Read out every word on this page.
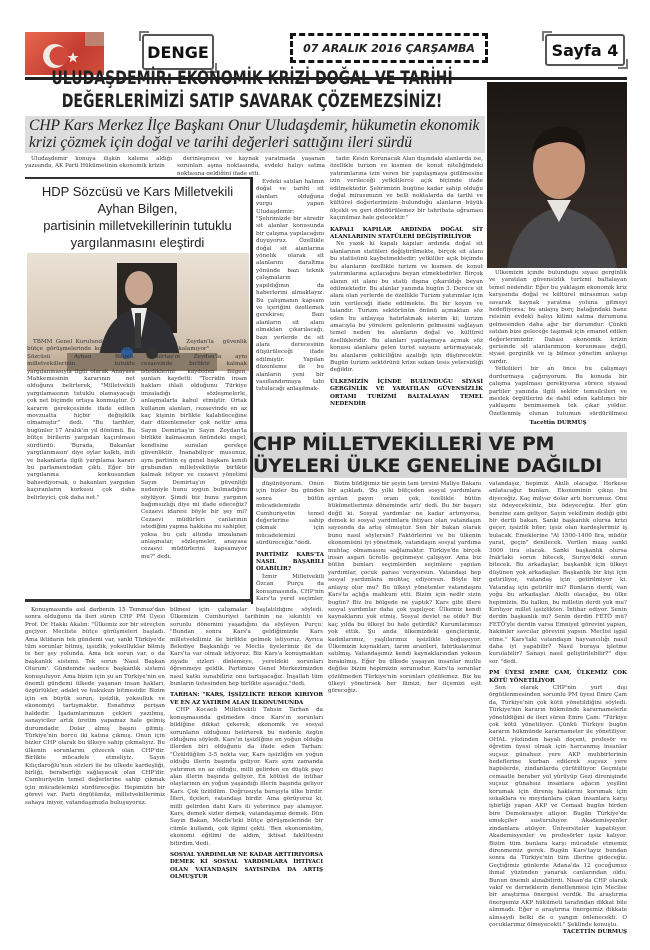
DENGE	07 ARALIK 2016 ÇARŞAMBA	Sayfa 4
ULUDAŞDEMİR: EKONOMİK KRİZİ DOĞAL VE TARİHİ
DEĞERLERİMİZİ SATIP SAVARAK ÇÖZEMEZSİNİZ!
CHP Kars Merkez İlçe Başkanı Onur Uludaşdemir, hükumetin ekonomik krizi çözmek için doğal ve tarihi değerleri sattığını ileri sürdü

Uludaşdemir konuya ilişkin kaleme aldığı yazısında, AK Parti Hükümetinin ekonomik krizin

derinleşmesi ve kaynak yaratmada yaşanan sorunları aşma noktasında, evdeki halıyı satma noktasına geldiğini ifade etti.

Evdeki satılan halının doğal ve tarihi sit alanları olduğuna vurgu yapan Uludaşdemir: "Şehrimizde bir süredir sit alanlar konusunda bir çalışma yapılacağını duyuyoruz. Özellikle doğal sit alanlarına yönelik olarak sit alanlarını daraltma yönünde bazı teknik çalışmaların yapıldığının da haberlerini almaktayız. Bu çalışmanın kapsam ve içeriğini özetlemek gerekirse; Bazı alanların sit alanı olmaktan çıkarılacağı, bazı yerlerde de sit alanı derecesinin düşürüleceği ifade edilmiştir. Yapılan düzenleme ile bu alanların yeni bir vasıflandırmaya tabi tutulacağı anlaşılmak-

tadır. Kesin Korunacak Alan dışındaki alanlarda ise, özellikle turizm ve kısmen de konut niteliğindeki yatırımlarına izin veren bir yapılaşmaya gidilmesine izin verileceği yetkililerce açık biçimde ifade edilmektedir. Şehrimizin bugüne kadar sahip olduğu doğal mirasımızın ve belli noktalarda da tarihi ve kültürel değerlerimizin bulunduğu alanların büyük ölçekli ve geri döndürülemez bir tahribata uğraması kaçınılmaz hale gelecektir."

KAPALI KAPILAR ARDINDA DOĞAL SİT ALANLARININ STATÜLERİ DEĞİŞTİRİLİYOR

Ne yazık ki kapalı kapılar ardında doğal sit alanlarının statüleri değiştirilmekte, birçok sit alanı bu statüsünü kaybetmektedir; yetkililer açık biçimde bu alanların özellikle turizm ve kısmen de konut yatırımlarına açılacağını beyan etmektedirler. Birçok alanın sit alanı bu statü dışına çıkarıldığı beyan edilmektedir. Bu alanlar yanında bugün 3. Derece sit alanı olan yerlerde de özellikle Turizm yatırımlar için izin verileceği ifade edilmekte. Bu bir koyım ve talandır. Turizm sektörünün önünü açmaktan söz eden bu anlayışa hatırlatmak isterim ki; turizm amacıyla bu yörelere gelenlerin gelmesini sağlayan temel neden bu alanların doğal ve kültürel özellikleridir. Bu alanları yapılaşmaya açmak söz konusu alanlara gelen turist sayısını artırmayacak, bu alanların çekiciliğini azaltığı için düşürecektir. Bugün turizm sektörünü krize sokan tesis yetersizliği değildir.

ÜLKEMİZİN İÇİNDE BULUNDUĞU SİYASİ GERGİNLİK VE YARATILAN GÜVENSİZLİK ORTAMI TURİZMİ BALTALAYAN TEMEL NEDENDİR

Ülkemizin içinde bulunduğu siyasi gerginlik ve yaratılan güvensizlik turizmi baltalayan temel nedendir. Eğer bu yaklaşım ekonomik kriz karşısında doğal ve kültürel mirasımızı satıp savarak kaynak yaratma yoluna gitmeyi hedefliyorsa; bu anlayış borç batağındaki hane reisinin evdeki halıyı kilimi satma durumuna gelmesinden daha ağır bir durumdur. Çünkü satılan bize geleceğe taşımak için emanet edilen değerlerimizdir. Dahası ekonomik krizin gerisinde sit alanlarımızın korunması değil, siyasi gerginlik ve iş bilmez yönetim anlayışı vardır.

Yetkilileri bir an önce bu çalışmayı durdurmaya çağırıyorum. Bu konuda bir çalışma yapılması gerekiyorsa sürece siyasal partiler yanında ilgili sektör temsilcileri ve meslek örgütlerini de dahil eden katılımcı bir yaklaşımı benimsemek tek çıkar yoldur. Özetlenmiş olunan tutumun sürdürülmesi

Tacettin DURMUŞ
HDP Sözcüsü ve Kars Milletvekili Ayhan Bilgen,
partisinin milletvekillerinin tutuklu yargılanmasını eleştirdi

TBMM Genel Kurulunda 2017 yılı bütçe görüşmelerinde konuşan HDP Sözcüsü Ayhan Bilgen, milletvekillerinin tutuklu yargılanmasıyla ilgili olarak Anayasa Mahkemesinin kararının net olduğunu belirterek, "Milletvekili yargılamasının tutuklu olamayacağı çok net biçimde ortaya konmuştur. O kararın gerekçesinde ifade edilen movzuatta hiçbir değişiklik olmamıştır" dedi. "Bu tarihler, bugünler 17 Aralık'ın yıl dönümü. Bu bütçe birilerin yargıdan kaçırılması sürdürdü: 'Burada, Bakanlar yargılanmasın' diye oylar kalktı, indi ve bakanlarla ilgili yargılama kararı bu parlamentodan çıktı. Eğer bir yargılanma korkusundan bahsediyorsak, o bakanları yargıdan kaçıranların korkusu çok daha belirleyici, çok daha net."

"Demirtaş, Zeydan'la güvenlik gerekçesiyle kalamıyor"

Demirtaş'ın Zeydan'la aynı cezaevinde birlikte kalmak istediklerini kaydeden Bilgen, şunları kaydetti: "Tecridin insan hakları ihlali olduğunu Türkiye imzaladığı sözleşmelerle, anlaşmalarla kabul etmiştir. Ortak kullanım alanları, cezaevinde en az kaç kişinin birlikte kalabileceğine dair düzenlemeler çok nettir ama Sayın Demirtaş'ın Sayın Zeydan'la birlikte kalmasının önündeki engel, kendisine sunulan gerekçe güvenliktir. İnanabiliyor musunuz, aynı partinin eş genel başkanı kendi grubundan milletvekiliyle birlikte kalmak istiyor ve cezaevi yönetimi Sayın Demirtaş'ın güvenliği nedeniyle bunu uygun bulmadığını söylüyor. Şimdi biz bunu yargının bağımsızlığı diye mi ifade edeceğiz? Cezaevi idaresi böyle bir şey mi? Cezaevi müdürleri canlarının istediğini yapma hakkına mı sahipler, yoksa bu çatı altında imzalanan anlaşmalar, sözleşmeler, anayasa cezaevi müdürlerini kapsamıyor mu?" dedi.

CHP MİLLETVEKİLLERİ VE PM ÜYELERİ ÜLKE GENELİNE DAĞILDI

düşünüyorum. Onun için bizler bu günden sonra bütün mücadelemizde Cumhuriyetin temel değerlerine sahip çıkmak için mücadelemizi sürdüreceğiz."dedi.

PARTİMİZ KARS'TA NASIL BAŞARILI OLABİLİR?

İzmir Milletvekili Özcan Purçu da konuşmasında, CHP'nin Kars'ta yerel seçimler,

Konuşmasında asıl darbenin 15 Temmuz'dan sonra olduğunu da ileri süren CHP PM Üyesi Prof. Dr. Hakkı Akalın: "Ülkemiz zor bir süreçten geçiyor. Mecliste bütçe görüşmeleri başladı. Ama iktidarın tek gündemi var, sanki Türkiye'de tüm sorunlar bitmiş, işsizlik, yoksulluklar bitmiş te her şey yolunda. Ama tek sorun var, o da başkanlık sistemi. Tek sorun 'Nasıl Başkan Olurum'. Gündemde sadece başkanlık sistemi konuşuluyor. Ama bizim için şu an Türkiye'nin en önemli gündemi ülkede yaşanan insan hakları, özgürlükler, adalet ve hukukun bitmesidir. Bizim için en büyük sorun, işsizlik, yoksulluk ve ekonomiyi tartışmaktır. Esnafımız perişan haldedir. İşadamlarımızın çekleri yazılmış, sanayiciler artık üretim yapamaz hale gelmiş durumdadır. Dolar almış başını gitmiş. Türkiye'nin borcu iki katına çıkmış. Onun için bizler CHP olarak bu ülkeye sahip çıkmalıyız. Bu ülkenin sorunlarını çözecek olan CHP'dir. Birlikte mücadele etmeliyiz. Sayın Kılıçdaroğlu'nun sözleri ile bu ülkede kardeşliği, birliği, beraberliği sağlayacak olan CHP'dir. Cumhuriyetin temel değerlerine sahip çıkmak için mücadelemizi sürdüreceğiz. Hepimizin bir görevi var. Parti örgütümüz, milletvekillerimiz sahaya iniyor, vatandaşımızla buluşuyoruz.

bilmesi için çalışmalar başlatıldığını söyledi. Ülkemizin Cumhuriyet tarihinin ne sıkıntılı ve sorunlu dönemini yaşadığını da söyleyen Purçu: "Bundan sonra Kars'a geldiğimizde Kars milletvekilimiz ile birlikte gelmek istiyoruz. Ayrıca Belediye Başkanlığı ve Meclis üyelerimiz ile de Kars'ta var olmak istiyoruz. Biz Kars'a konuşmaktan ziyade sizleri dinlemeye, yereldeki sorunları öğrenmeye geldik. Partimize Genel Merkezimizden nasıl katkı sunabiliriz onu tartışacağız. İnşallah tüm bunların üstesinden hep birlikte aşacağız."dedi.

TARHAN: "KARS, İŞSİZLİKTE REKOR KIRIYOR VE EN AZ YATIRIM ALAN İLKONUMUNDA

CHP Kocaeli Milletvekili Tahsin Tarhan da konuşmasında gelmeden önce Kars'ın sorunları bildiğine dikkat çekerek, ekonomik ve sosyal sorunların olduğunu belirterek bu nedenle özgün olduğunu söyledi. Kars'ın işsizliğine en yoğun olduğu illerden biri olduğunu da ifade eden Tarhan: "Üzüldüğüm 3-5 nokta var, Kars işsizliğin en yoğun olduğu illerin başında geliyor. Kars aynı zamanda yatırımın en az olduğu, milli gelirden en düşük payı alan illerin başında geliyor. En kötüsü de intihar olaylarının en yoğun yaşandığı illerin başında geliyor Kars. Çok üzüldüm. Doğrusuyla barışıyla ülke birdir. İlleri, ilçeleri, vatandaşı birdir. Ama görüyoruz ki, milli gelirden dahi Kars ili yeterince pay alamıyor. Kars, demek sizler demek, vatandaşımız demek. Dün Sayın Bakan, Meclis'teki bütçe görüşmelerinde bir cümle kullandı, çok ilgimi çekti. 'Ben ekonomistim, ekonomi eğitimi de aldım, iktisat fakültesini bitirdim.'dedi.

SOSYAL YARDIMLAR NE KADAR ARTTIRIYORSA DEMEK Kİ SOSYAL YARDIMLARA İHTİYACI OLAN VATANDAŞIN SAYISINDA DA ARTIŞ OLMUŞTUR

Bizim bildiğimiz bir şeyin tam tersini Maliye Bakanı bir açıkladı. 'Bu yılki bütçeden sosyal yardımlara ayrılan payın oranı çok, özellikle bütün hükümetlerimiz döneminde artı' dedi. Bu bir başarı değil ki. Sosyal yardımlar ne kadar artırıyorsa, demek ki sosyal yardımlara ihtiyacı olan vatandaşın sayısında da artış olmuştur. Sen bir bakan olarak bunu nasıl söylersin? Faktörlerini ve bu ülkenin ekonomisini iyi yönetmek, vatandaşın sosyal yardıma muhtaç olmamasını sağlamaktır. Türkiye'de birçok insan asgari ücretle geçinmeye çalışıyor. Ama biz bütün bunları seçimlerden seçimlere yapılan yardımlar, çocuk parası veriyorsun. Vatandaşı hep sosyal yardımlara muhtaç ediyorsun. Böyle bir anlayış olur mu? Bu ülkeyi yönetenler vatandaşını Kars'ta açlığa mahkum etti. Bizim için nedir sizin bugün? Biz bu bölgede ne yaptık? Kars gibi illere sosyal yardımlar daha çok yapılıyor. Ülkemiz kendi kaynaklarını yok etmiş. Sosyal devlet ne oldu? Biz kaç yılda bu ülkeyi bu hale getirdik? Kurumlarımızı yok ettik. Şu anda ülkemizdeki gençlerimiz, kadınlarımız, yaşlılarımız işsizlikle boğuşuyor. Ülkemizin kaynakları, tarım arazileri, fabrikalarımız satılmış. Vatandaşımız kendi kaynaklarından yoksun bırakılmış. Eğer bu ülkede yaşayan insanlar mutlu değilse bizim hepimizin sorunudur. Kars'ta sorunlar çözülmeden Türkiye'nin sorunları çözülemez. Biz bu ülkeyi yönetirsek her ilimizi, her ilçemizi eşit göreceğiz.

vatandaşız, hepimiz. Akıllı olacağız. Herkese anlatacağız bunları. Ekonominin çıkışı bu diyeceğiz. Kaç milyar dolar artı borcumuz. Onu siz ödeyeceksiniz, biz ödeyeceğiz. Her gün benzine zam geliyor. Sayın vekilimin dediği gibi bir dertli bakan. Sanki başkanlık olursa krizi geçer, işsizlik biter, işsiz olan kardeşlerimiz iş bulacak. Emeklerine "Al 1500-1400 lira, müdür yarat, geçin" denilecek. Verilen maaş sanki 3000 lira olacak. Sanki başkanlık olursa Irak'taki sorun bitecek, Suriye'deki sorun bitecek. Bu arkadaşlar, başkanlık için ülkeyi düşünen yok arkadaşlar. Başkanlık bir kişi için getiriliyor, vatandaş için getirilmiyor ki. Vatandaş için getirilir mi? Bunların derdi, van yoğu bu arkadaşlar. Akıllı olacağız, bu ülke hepimizin. Bu halkın, bu milletin derdi yok mu? Kırılıyor millet işsizlikten. İntihar ediyor. Senin derdin başkanlık mı? Senin derdin FETÖ mü? FETÖ'yle derdin varsa Emniyet görevini yapsın, hakimler savcılar görevini yapsın. Meclisi işgal etme." Kars'taki vatandaşın hayvancılığı nasıl daha iyi yapabilir? Nasıl buraya işletme kurulabilir? Sanayi nasıl geliştirilebilir?" diye sor. "dedi.

PM ÜYESİ EMRE ÇAM, ÜLKEMİZ ÇOK KÖTÜ YÖNETİLİYOR

Son olarak CHP'nin yurt dışı örgütlenmesinden sorumlu PM üyesi Emre Çam da, Türkiye'nin çok kötü yönetildiğini söyledi. Türkiye'nin kararın hükmünde kararnamelerle yönetildiğini de ileri süren Emre Çam: "Türkiye çok kötü yönetiliyor. Çünkü Türkiye bugün kararın hükmünde kararnameler ile yönetiliyor. OHAL yüzünden hayalı doçent, profesör ve öğretim üyesi olmak için harcanmış insanlar suçsuz günahsız yere AKP muhbirlerinin hedeflerine kurban edilerek suçsuz yere hapislerde, zindanlarda çürütülüyor. Geçmişte cemaatle beraber yol yürüyüp Gezi direnişinde suçsuz günahsız insanlara ağacın yeşilini korumak için direniş haklarını korumak için sokaklara ve meydanlara çıkan insanlara karşı işbirliği yapan AKP ve Cemaat bugün birden bire Demokrasiye atlıyor. Bugün Türkiye'de emekçiler susturuluyor. Akademisyenler zindanlara atılıyor. Üniversiteler kapatılıyor. Akademisyenler ve profesörler işsiz kalıyor. Bizim tüm bunlara karşı mücadele etmemiz direnmemiz gerek. Bugün Kars'tayız bundan sonra da Türkiye'nin tüm illerine gideceğiz. Geçtiğimiz günlerde Adana'da 12 çocuğumuz ihmal yüzünden yanarak canlarından oldu. Bunun önemli alınabilirdi. Nisan'da CHP olarak vakıf ve derneklerin denetlenmesi için Meclise bir araştırma önergesi verdik. Bu araştırma önergemiz AKP hükümeti tarafından dikkat bile alınmadı. Eğer o araştırma önergemiz dikkate alınsaydı belki de o yangın önlenecekti. O çocuklarımız ölmeyecekti." Şeklinde konuştu.

TACETTİN DURMUŞ
